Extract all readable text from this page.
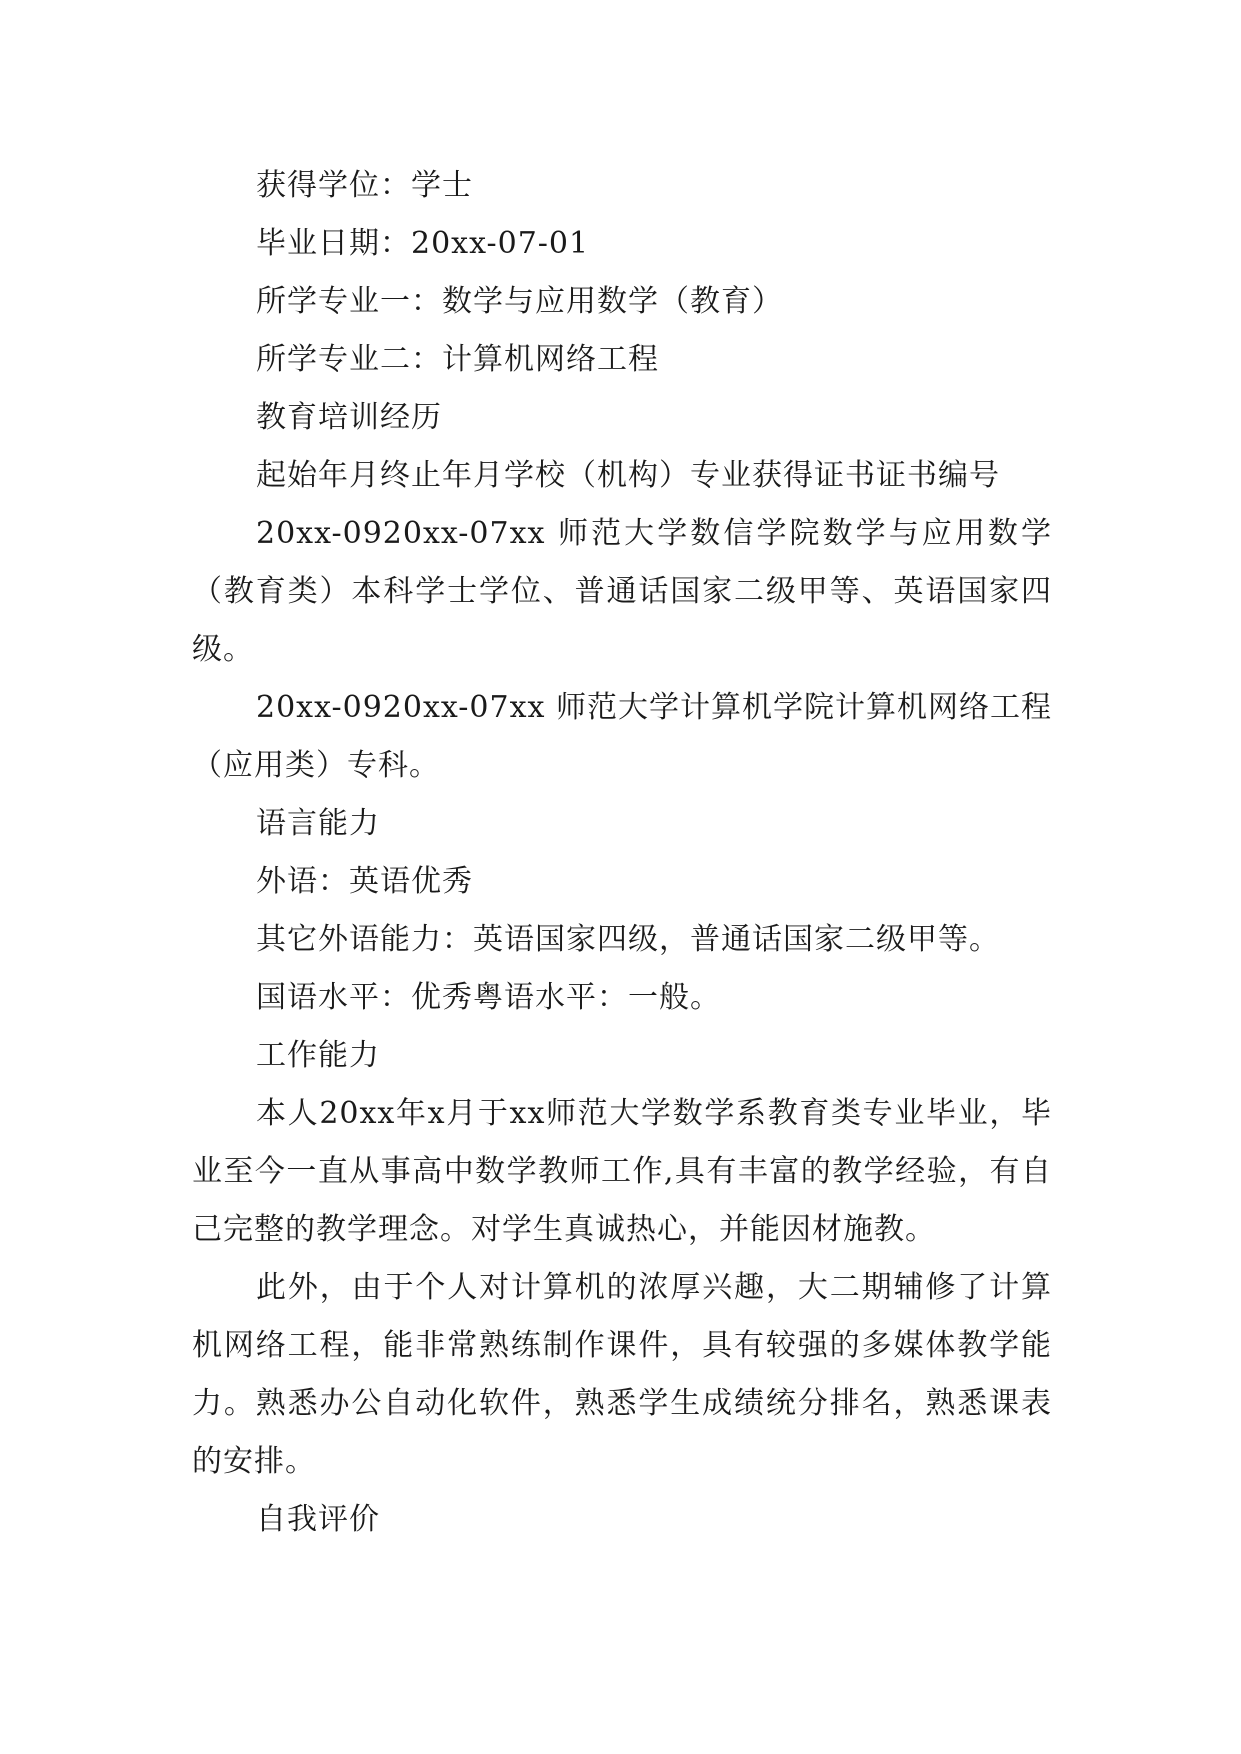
获得学位：学士

毕业日期：20xx-07-01

所学专业一：数学与应用数学（教育）

所学专业二：计算机网络工程

教育培训经历

起始年月终止年月学校（机构）专业获得证书证书编号

20xx-0920xx-07xx 师范大学数信学院数学与应用数学（教育类）本科学士学位、普通话国家二级甲等、英语国家四级。

20xx-0920xx-07xx 师范大学计算机学院计算机网络工程（应用类）专科。

语言能力

外语：英语优秀

其它外语能力：英语国家四级，普通话国家二级甲等。

国语水平：优秀粤语水平：一般。

工作能力

本人20xx年x月于xx师范大学数学系教育类专业毕业，毕业至今一直从事高中数学教师工作,具有丰富的教学经验，有自己完整的教学理念。对学生真诚热心，并能因材施教。

此外，由于个人对计算机的浓厚兴趣，大二期辅修了计算机网络工程，能非常熟练制作课件，具有较强的多媒体教学能力。熟悉办公自动化软件，熟悉学生成绩统分排名，熟悉课表的安排。

自我评价
